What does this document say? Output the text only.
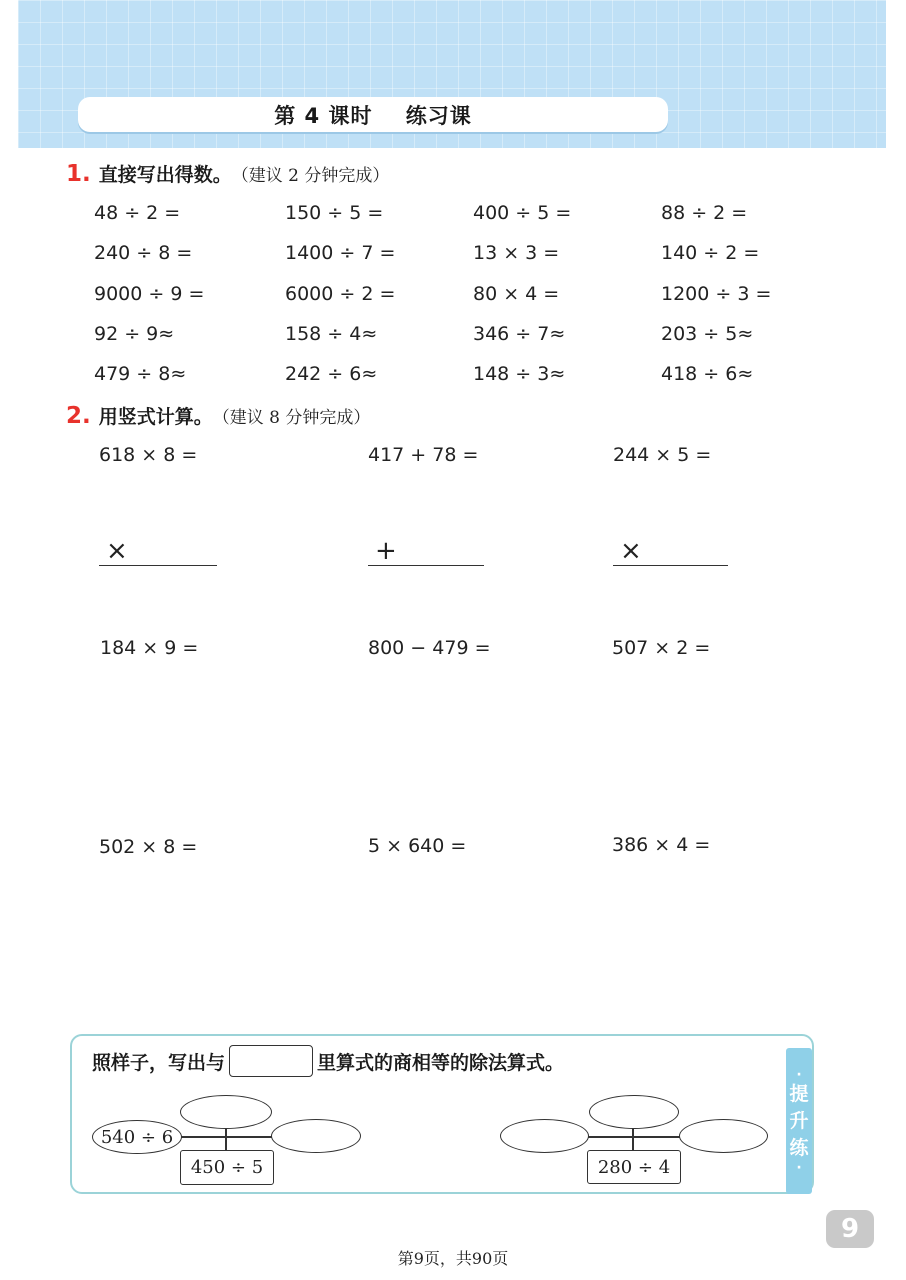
第 4 课时    练习课
1. 直接写出得数。 （建议 2 分钟完成）
48 ÷ 2 =	150 ÷ 5 =	400 ÷ 5 =	88 ÷ 2 =
240 ÷ 8 =	1400 ÷ 7 =	13 × 3 =	140 ÷ 2 =
9000 ÷ 9 =	6000 ÷ 2 =	80 × 4 =	1200 ÷ 3 =
92 ÷ 9≈	158 ÷ 4≈	346 ÷ 7≈	203 ÷ 5≈
479 ÷ 8≈	242 ÷ 6≈	148 ÷ 3≈	418 ÷ 6≈
2. 用竖式计算。 （建议 8 分钟完成）
618 × 8 =	417 + 78 =	244 × 5 =
×	+	×
184 × 9 =	800 − 479 =	507 × 2 =
502 × 8 =	5 × 640 =	386 × 4 =
照样子，写出与	里算式的商相等的除法算式。
·
提
升
练
·
540 ÷ 6
450 ÷ 5	280 ÷ 4
9
第9页，共90页
